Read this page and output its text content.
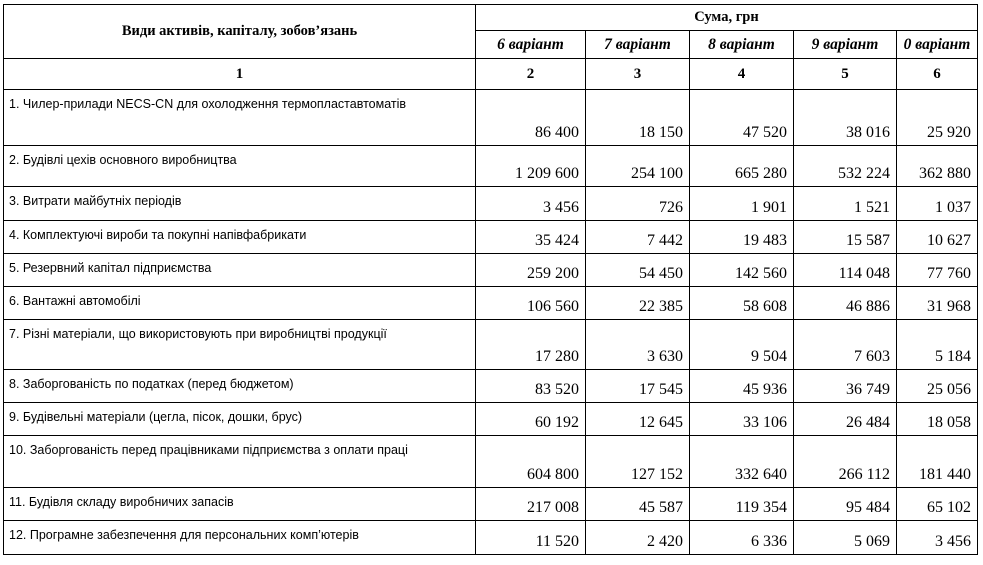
Види активів, капіталу, зобов’язань	Сума, грн				
	6 варіант	7 варіант	8 варіант	9 варіант	0 варіант
1	2	3	4	5	6
1. Чилер-прилади NECS-CN для охолодження термопластавтоматів	86 400	18 150	47 520	38 016	25 920
2. Будівлі цехів основного виробництва	1 209 600	254 100	665 280	532 224	362 880
3. Витрати майбутніх періодів	3 456	726	1 901	1 521	1 037
4. Комплектуючі вироби та покупні напівфабрикати	35 424	7 442	19 483	15 587	10 627
5. Резервний капітал підприємства	259 200	54 450	142 560	114 048	77 760
6. Вантажні автомобілі	106 560	22 385	58 608	46 886	31 968
7. Різні матеріали, що використовують при виробництві продукції	17 280	3 630	9 504	7 603	5 184
8. Заборгованість по податках (перед бюджетом)	83 520	17 545	45 936	36 749	25 056
9. Будівельні матеріали (цегла, пісок, дошки, брус)	60 192	12 645	33 106	26 484	18 058
10. Заборгованість перед працівниками підприємства з оплати праці	604 800	127 152	332 640	266 112	181 440
11. Будівля складу виробничих запасів	217 008	45 587	119 354	95 484	65 102
12. Програмне забезпечення для персональних комп’ютерів	11 520	2 420	6 336	5 069	3 456
